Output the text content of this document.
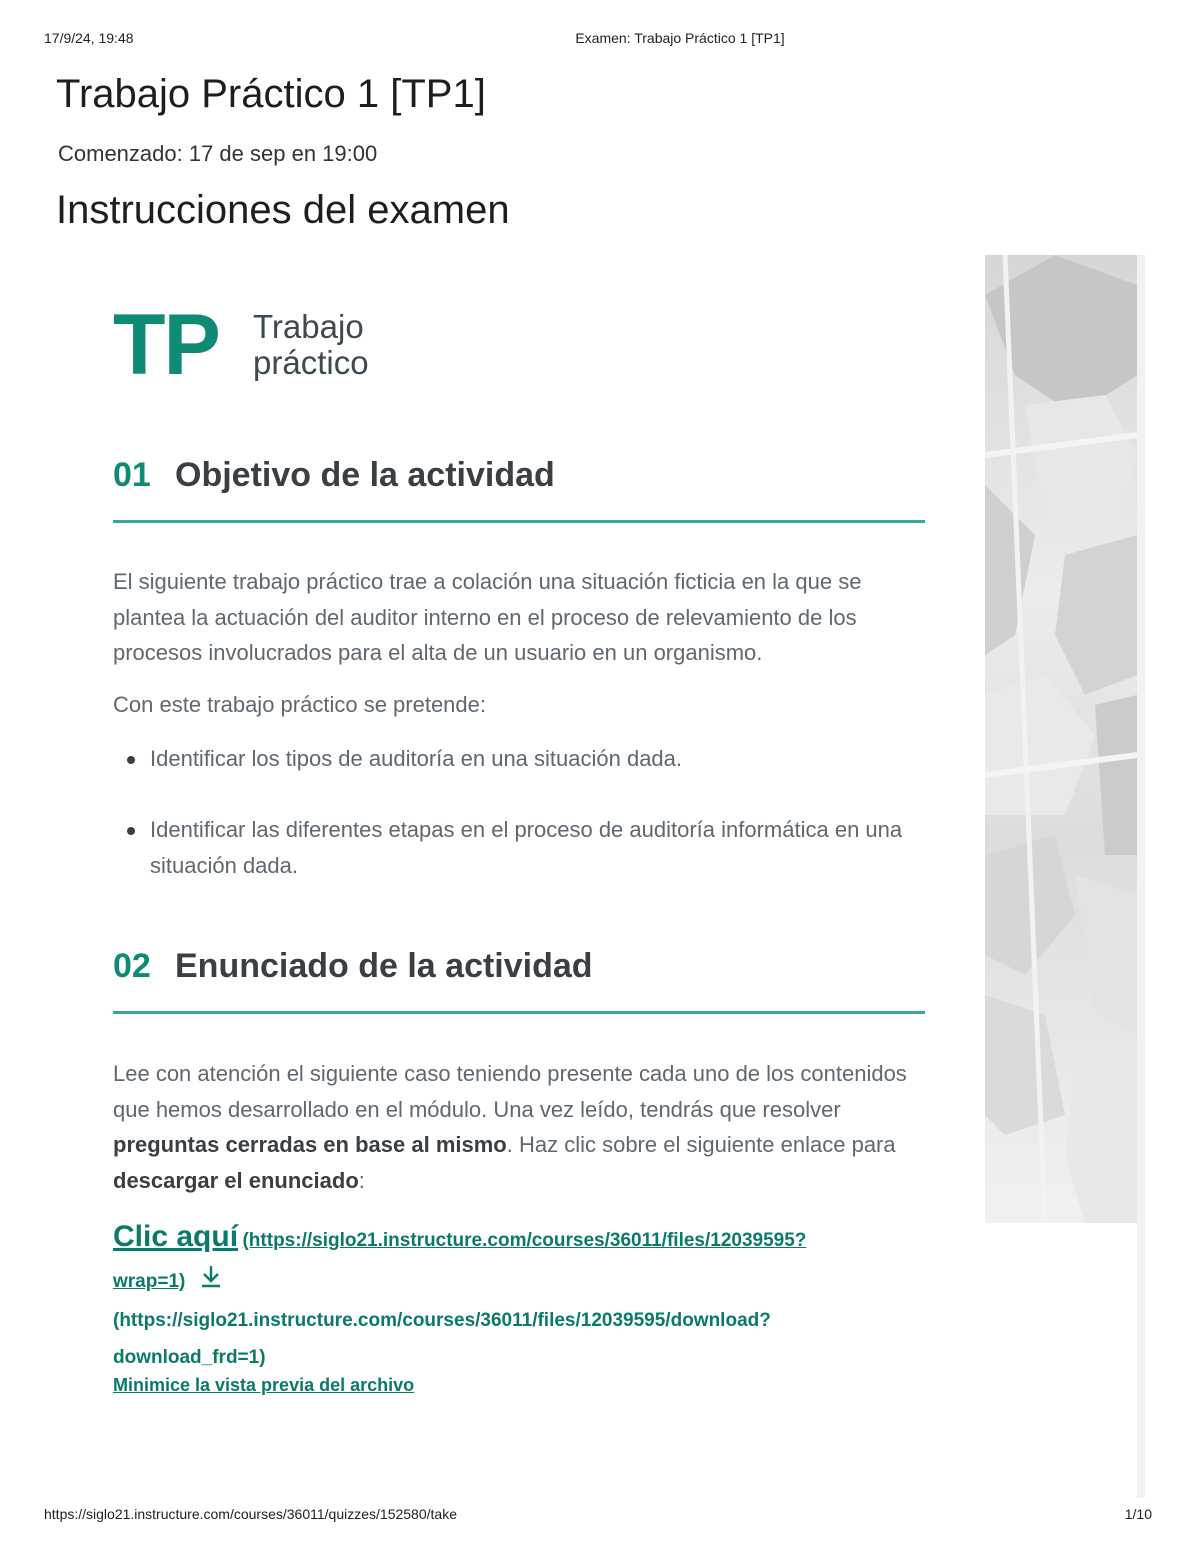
17/9/24, 19:48	Examen: Trabajo Práctico 1 [TP1]
Trabajo Práctico 1 [TP1]
Comenzado: 17 de sep en 19:00
Instrucciones del examen
TP Trabajo
práctico
01 Objetivo de la actividad

El siguiente trabajo práctico trae a colación una situación ficticia en la que se plantea la actuación del auditor interno en el proceso de relevamiento de los procesos involucrados para el alta de un usuario en un organismo.

Con este trabajo práctico se pretende:

Identificar los tipos de auditoría en una situación dada.
Identificar las diferentes etapas en el proceso de auditoría informática en una situación dada.
02 Enunciado de la actividad

Lee con atención el siguiente caso teniendo presente cada uno de los contenidos que hemos desarrollado en el módulo. Una vez leído, tendrás que resolver preguntas cerradas en base al mismo. Haz clic sobre el siguiente enlace para descargar el enunciado:

Clic aquí (https://siglo21.instructure.com/courses/36011/files/12039595?
wrap=1)
(https://siglo21.instructure.com/courses/36011/files/12039595/download?
download_frd=1)
Minimice la vista previa del archivo
https://siglo21.instructure.com/courses/36011/quizzes/152580/take	1/10
